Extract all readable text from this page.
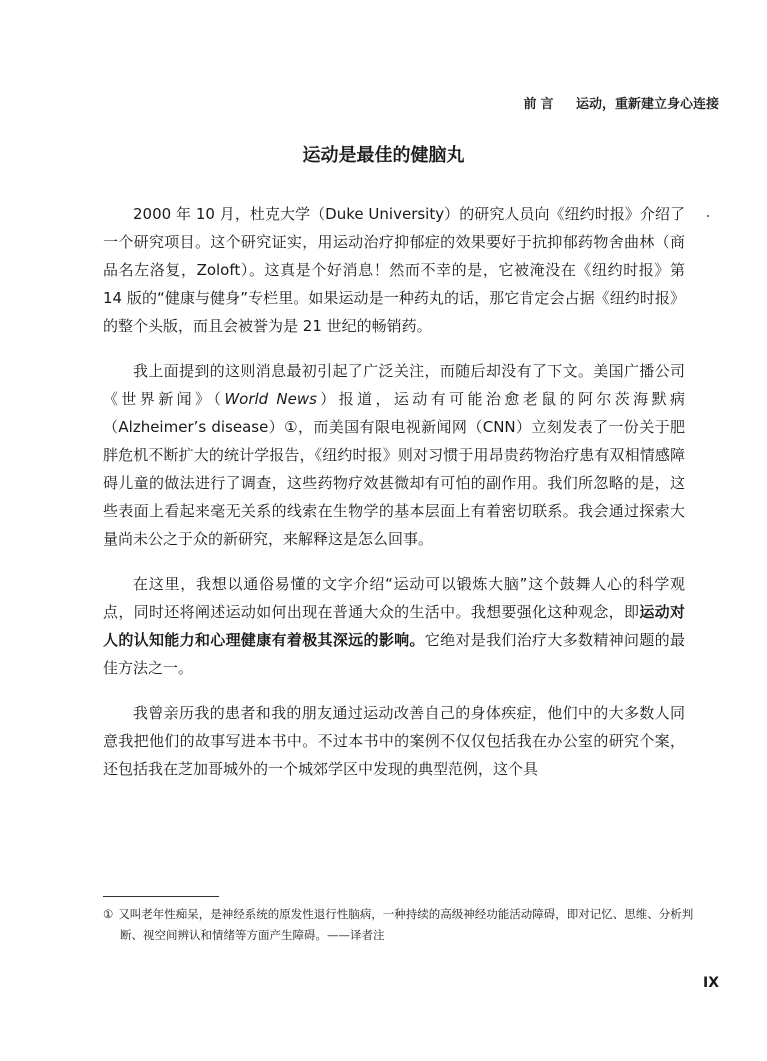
前言 运动，重新建立身心连接
运动是最佳的健脑丸

2000 年 10 月，杜克大学（Duke University）的研究人员向《纽约时报》介绍了一个研究项目。这个研究证实，用运动治疗抑郁症的效果要好于抗抑郁药物舍曲林（商品名左洛复，Zoloft）。这真是个好消息！然而不幸的是，它被淹没在《纽约时报》第 14 版的“健康与健身”专栏里。如果运动是一种药丸的话，那它肯定会占据《纽约时报》的整个头版，而且会被誉为是 21 世纪的畅销药。

我上面提到的这则消息最初引起了广泛关注，而随后却没有了下文。美国广播公司《世界新闻》（World News）报道，运动有可能治愈老鼠的阿尔茨海默病（Alzheimer’s disease）①，而美国有限电视新闻网（CNN）立刻发表了一份关于肥胖危机不断扩大的统计学报告，《纽约时报》则对习惯于用昂贵药物治疗患有双相情感障碍儿童的做法进行了调查，这些药物疗效甚微却有可怕的副作用。我们所忽略的是，这些表面上看起来毫无关系的线索在生物学的基本层面上有着密切联系。我会通过探索大量尚未公之于众的新研究，来解释这是怎么回事。

在这里，我想以通俗易懂的文字介绍“运动可以锻炼大脑”这个鼓舞人心的科学观点，同时还将阐述运动如何出现在普通大众的生活中。我想要强化这种观念，即运动对人的认知能力和心理健康有着极其深远的影响。它绝对是我们治疗大多数精神问题的最佳方法之一。

我曾亲历我的患者和我的朋友通过运动改善自己的身体疾症，他们中的大多数人同意我把他们的故事写进本书中。不过本书中的案例不仅仅包括我在办公室的研究个案，还包括我在芝加哥城外的一个城郊学区中发现的典型范例，这个具

① 又叫老年性痴呆，是神经系统的原发性退行性脑病，一种持续的高级神经功能活动障碍，即对记忆、思维、分析判断、视空间辨认和情绪等方面产生障碍。——译者注
IX
